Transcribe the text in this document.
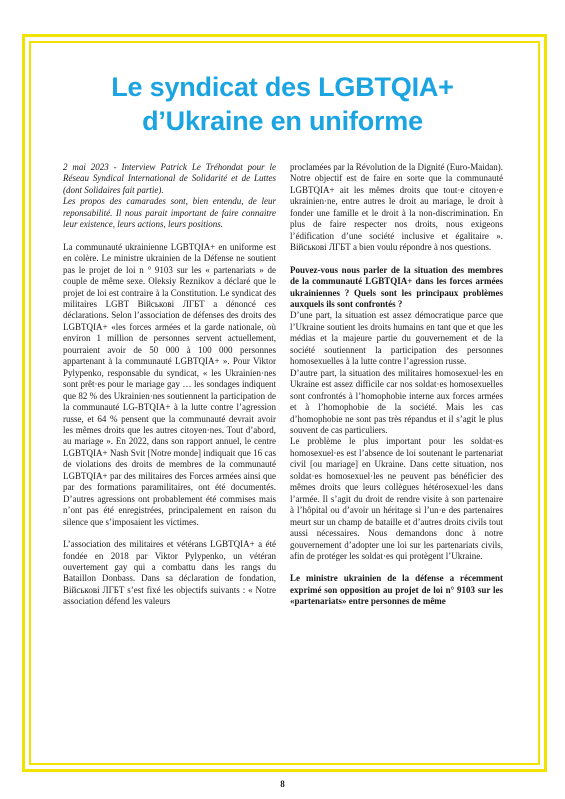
Le syndicat des LGBTQIA+
d’Ukraine en uniforme

2 mai 2023 - Interview Patrick Le Tréhondat pour le Réseau Syndical International de Solidarité et de Luttes (dont Solidaires fait partie).

Les propos des camarades sont, bien entendu, de leur reponsabilité. Il nous parait important de faire connaitre leur existence, leurs actions, leurs positions.

La communauté ukrainienne LGBTQIA+ en uniforme est en colère. Le ministre ukrainien de la Défense ne soutient pas le projet de loi n ° 9103 sur les « partenariats » de couple de même sexe. Oleksiy Reznikov a déclaré que le projet de loi est contraire à la Constitution. Le syndicat des militaires LGBT Військові ЛГБТ a dénoncé ces déclarations. Selon l’association de défenses des droits des LGBTQIA+ «les forces armées et la garde nationale, où environ 1 million de personnes servent actuellement, pourraient avoir de 50 000 à 100 000 personnes appartenant à la communauté LGBTQIA+ ». Pour Viktor Pylypenko, responsable du syndicat, « les Ukrainien·nes sont prêt·es pour le mariage gay … les sondages indiquent que 82 % des Ukrainien·nes soutiennent la participation de la communauté LG-BTQIA+ à la lutte contre l’agression russe, et 64 % pensent que la communauté devrait avoir les mêmes droits que les autres citoyen·nes. Tout d’abord, au mariage ». En 2022, dans son rapport annuel, le centre LGBTQIA+ Nash Svit [Notre monde] indiquait que 16 cas de violations des droits de membres de la communauté LGBTQIA+ par des militaires des Forces armées ainsi que par des formations paramilitaires, ont été documentés. D’autres agressions ont probablement été commises mais n’ont pas été enregistrées, principalement en raison du silence que s’imposaient les victimes.

L’association des militaires et vétérans LGBTQIA+ a été fondée en 2018 par Viktor Pylypenko, un vétéran ouvertement gay qui a combattu dans les rangs du Bataillon Donbass. Dans sa déclaration de fondation, Військові ЛГБТ s’est fixé les objectifs suivants : « Notre association défend les valeurs

proclamées par la Révolution de la Dignité (Euro-Maidan). Notre objectif est de faire en sorte que la communauté LGBTQIA+ ait les mêmes droits que tout·e citoyen·e ukrainien·ne, entre autres le droit au mariage, le droit à fonder une famille et le droit à la non-discrimination. En plus de faire respecter nos droits, nous exigeons l’édification d’une société inclusive et égalitaire ». Військові ЛГБТ a bien voulu répondre à nos questions.

Pouvez-vous nous parler de la situation des membres de la communauté LGBTQIA+ dans les forces armées ukrainiennes ? Quels sont les principaux problèmes auxquels ils sont confrontés ?

D’une part, la situation est assez démocratique parce que l’Ukraine soutient les droits humains en tant que et que les médias et la majeure partie du gouvernement et de la société soutiennent la participation des personnes homosexuelles à la lutte contre l’agression russe.

D’autre part, la situation des militaires homosexuel·les en Ukraine est assez difficile car nos soldat·es homosexuelles sont confrontés à l’homophobie interne aux forces armées et à l’homophobie de la société. Mais les cas d’homophobie ne sont pas très répandus et il s’agit le plus souvent de cas particuliers.

Le problème le plus important pour les soldat·es homosexuel·es est l’absence de loi soutenant le partenariat civil [ou mariage] en Ukraine. Dans cette situation, nos soldat·es homosexuel·les ne peuvent pas bénéficier des mêmes droits que leurs collègues hétérosexuel·les dans l’armée. Il s’agit du droit de rendre visite à son partenaire à l’hôpital ou d’avoir un héritage si l’un·e des partenaires meurt sur un champ de bataille et d’autres droits civils tout aussi nécessaires. Nous demandons donc à notre gouvernement d’adopter une loi sur les partenariats civils, afin de protéger les soldat·es qui protègent l’Ukraine.

Le ministre ukrainien de la défense a récemment exprimé son opposition au projet de loi n° 9103 sur les «partenariats» entre personnes de même

8
